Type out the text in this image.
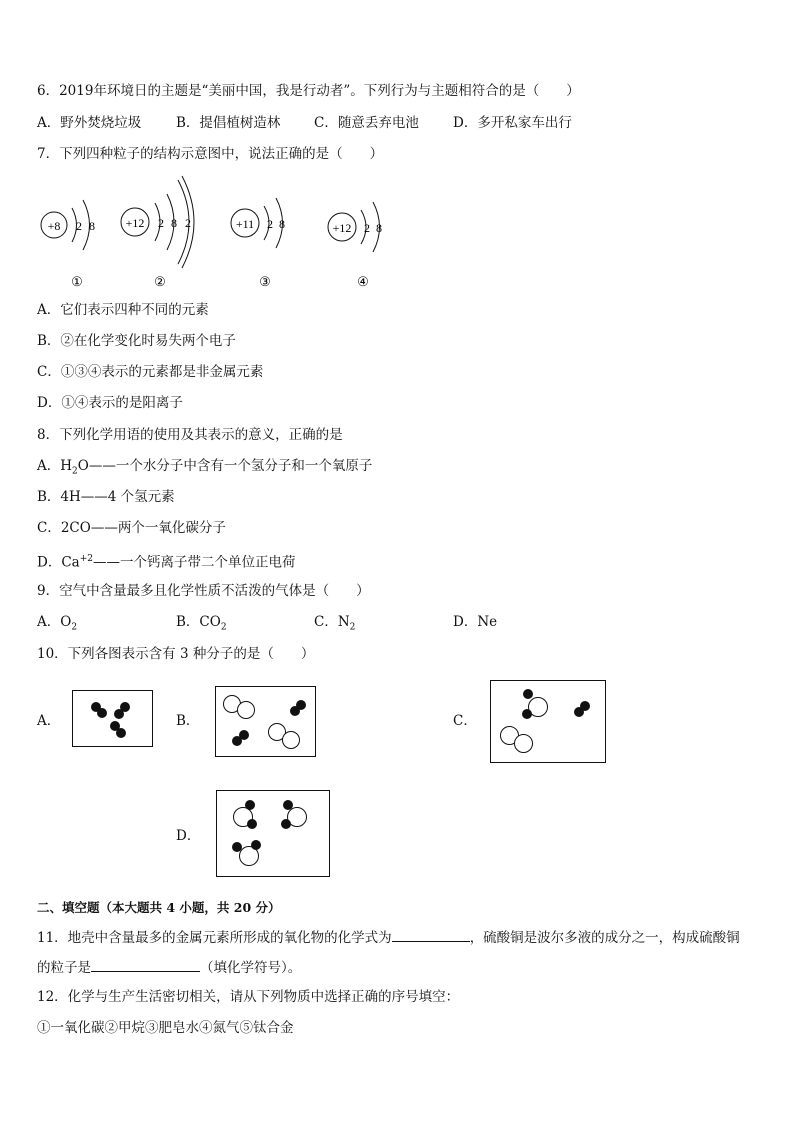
6．2019年环境日的主题是“美丽中国，我是行动者”。下列行为与主题相符合的是（　　）
A．野外焚烧垃圾	B．提倡植树造林 C．随意丢弃电池	D．多开私家车出行
7．下列四种粒子的结构示意图中，说法正确的是（　　）
+8 2 8
①
+12 2 8 2
②
+11 2 8
③
+12 2 8
④
A．它们表示四种不同的元素
B．②在化学变化时易失两个电子
C．①③④表示的元素都是非金属元素
D．①④表示的是阳离子
8．下列化学用语的使用及其表示的意义，正确的是
A．$H_2O——$一个水分子中含有一个氢分子和一个氧原子
B．4H——4 个氢元素
C．2CO——两个一氧化碳分子
D．$Ca^{+2}——$一个钙离子带二个单位正电荷
9．空气中含量最多且化学性质不活泼的气体是（　　）
A．$O_2$	B．$CO_2$	C．$N_2$	D．Ne
10．下列各图表示含有 3 种分子的是（　　）
A．	B．	C．
D．
二、填空题（本大题共 4 小题，共 20 分）
11．地壳中含量最多的金属元素所形成的氧化物的化学式为	，硫酸铜是波尔多液的成分之一，构成硫酸铜
的粒子是	（填化学符号）。
12．化学与生产生活密切相关，请从下列物质中选择正确的序号填空：
①一氧化碳②甲烷③肥皂水④氮气⑤钛合金
